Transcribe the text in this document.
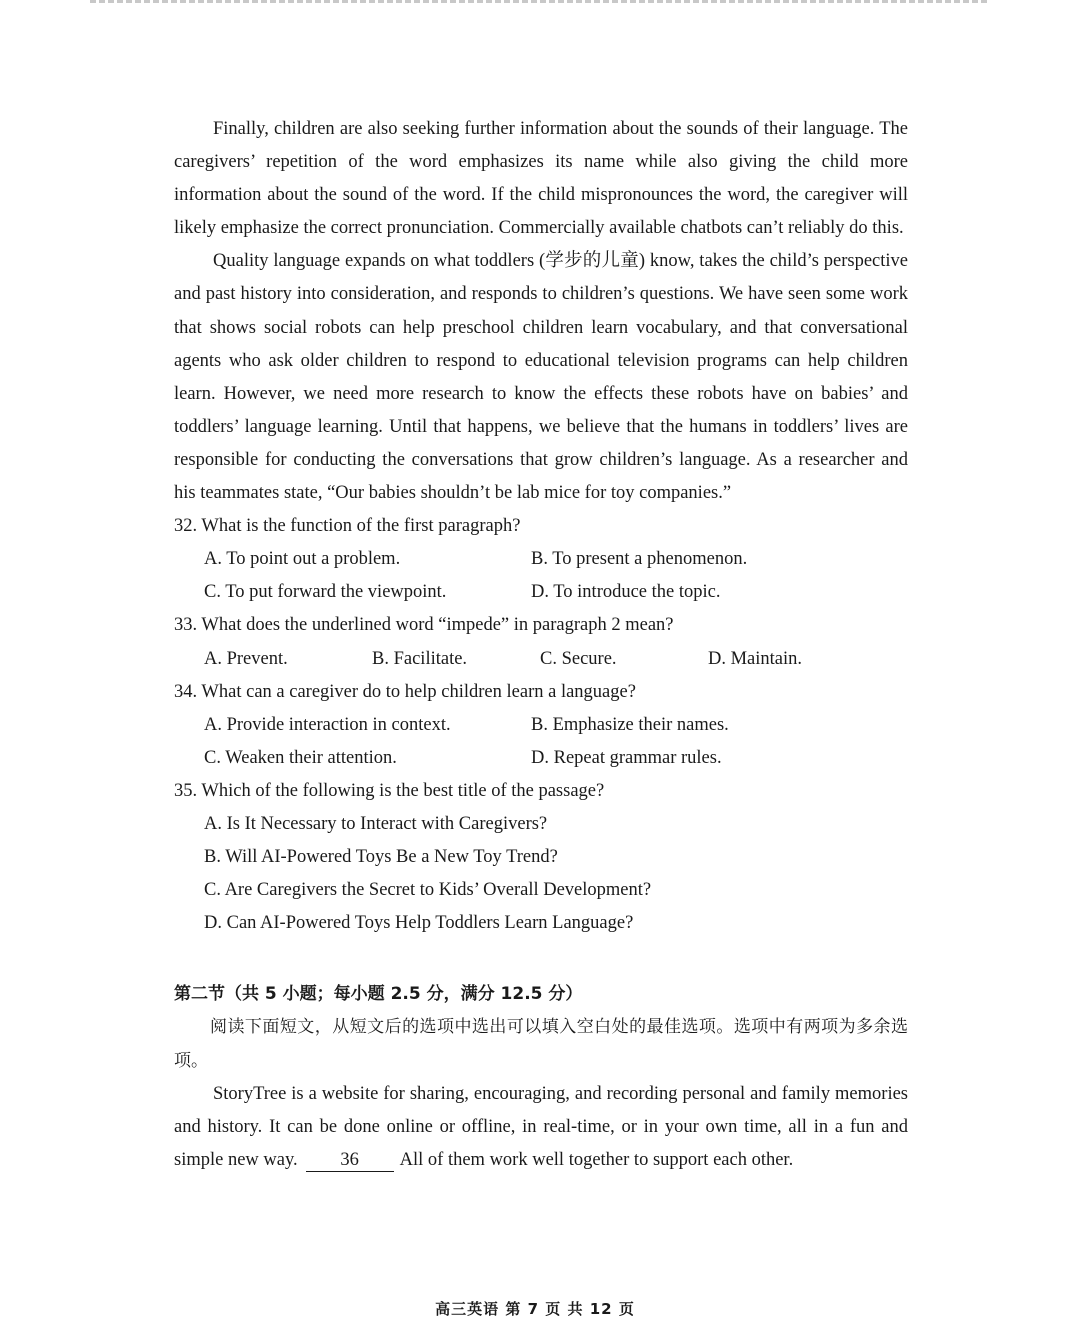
Finally, children are also seeking further information about the sounds of their language. The caregivers’ repetition of the word emphasizes its name while also giving the child more information about the sound of the word. If the child mispronounces the word, the caregiver will likely emphasize the correct pronunciation. Commercially available chatbots can’t reliably do this.

Quality language expands on what toddlers (学步的儿童) know, takes the child’s perspective and past history into consideration, and responds to children’s questions. We have seen some work that shows social robots can help preschool children learn vocabulary, and that conversational agents who ask older children to respond to educational television programs can help children learn. However, we need more research to know the effects these robots have on babies’ and toddlers’ language learning. Until that happens, we believe that the humans in toddlers’ lives are responsible for conducting the conversations that grow children’s language. As a researcher and his teammates state, “Our babies shouldn’t be lab mice for toy companies.”

32. What is the function of the first paragraph?

A. To point out a problem.	B. To present a phenomenon.
C. To put forward the viewpoint.	D. To introduce the topic.

33. What does the underlined word “impede” in paragraph 2 mean?

A. Prevent.	B. Facilitate.	C. Secure.	D. Maintain.

34. What can a caregiver do to help children learn a language?

A. Provide interaction in context.	B. Emphasize their names.
C. Weaken their attention.	D. Repeat grammar rules.

35. Which of the following is the best title of the passage?

A. Is It Necessary to Interact with Caregivers?
B. Will AI-Powered Toys Be a New Toy Trend?
C. Are Caregivers the Secret to Kids’ Overall Development?
D. Can AI-Powered Toys Help Toddlers Learn Language?
第二节（共 5 小题；每小题 2.5 分，满分 12.5 分）

阅读下面短文，从短文后的选项中选出可以填入空白处的最佳选项。选项中有两项为多余选项。

StoryTree is a website for sharing, encouraging, and recording personal and family memories and history. It can be done online or offline, in real-time, or in your own time, all in a fun and simple new way. 36 All of them work well together to support each other.

高三英语 第 7 页 共 12 页
